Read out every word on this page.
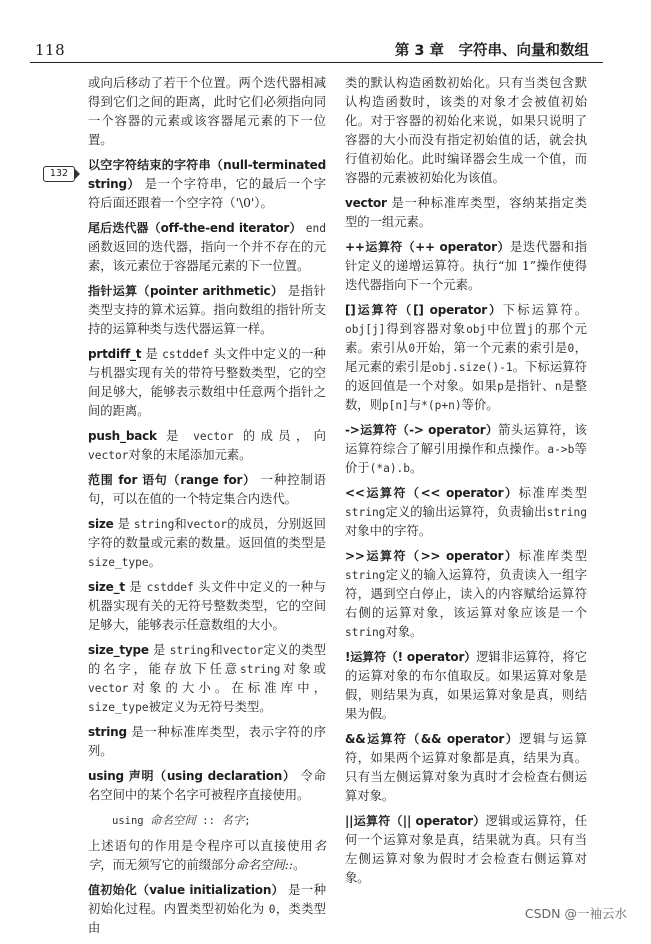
118	第 3 章　字符串、向量和数组
132

或向后移动了若干个位置。两个迭代器相减得到它们之间的距离，此时它们必须指向同一个容器的元素或该容器尾元素的下一位置。

以空字符结束的字符串（null-terminated string） 是一个字符串，它的最后一个字符后面还跟着一个空字符（'\0'）。

尾后迭代器（off-the-end iterator） end函数返回的迭代器，指向一个并不存在的元素，该元素位于容器尾元素的下一位置。

指针运算（pointer arithmetic） 是指针类型支持的算术运算。指向数组的指针所支持的运算种类与迭代器运算一样。

prtdiff_t 是 cstddef 头文件中定义的一种与机器实现有关的带符号整数类型，它的空间足够大，能够表示数组中任意两个指针之间的距离。

push_back 是 vector 的成员，向 vector对象的末尾添加元素。

范围 for 语句（range for） 一种控制语句，可以在值的一个特定集合内迭代。

size 是 string和vector的成员，分别返回字符的数量或元素的数量。返回值的类型是size_type。

size_t 是 cstddef 头文件中定义的一种与机器实现有关的无符号整数类型，它的空间足够大，能够表示任意数组的大小。

size_type 是 string和vector定义的类型的名字，能存放下任意string对象或vector对象的大小。在标准库中，size_type被定义为无符号类型。

string 是一种标准库类型，表示字符的序列。

using 声明（using declaration） 令命名空间中的某个名字可被程序直接使用。

using 命名空间 :: 名字;

上述语句的作用是令程序可以直接使用名字，而无须写它的前缀部分命名空间::。

值初始化（value initialization） 是一种初始化过程。内置类型初始化为 0，类类型由

类的默认构造函数初始化。只有当类包含默认构造函数时，该类的对象才会被值初始化。对于容器的初始化来说，如果只说明了容器的大小而没有指定初始值的话，就会执行值初始化。此时编译器会生成一个值，而容器的元素被初始化为该值。

vector 是一种标准库类型，容纳某指定类型的一组元素。

++运算符（++ operator）是迭代器和指针定义的递增运算符。执行“加 1”操作使得迭代器指向下一个元素。

[]运算符（[] operator）下标运算符。obj[j]得到容器对象obj中位置j的那个元素。索引从0开始，第一个元素的索引是0，尾元素的索引是obj.size()-1。下标运算符的返回值是一个对象。如果p是指针、n是整数，则p[n]与*(p+n)等价。

->运算符（-> operator）箭头运算符，该运算符综合了解引用操作和点操作。a->b等价于(*a).b。

<<运算符（<< operator）标准库类型string定义的输出运算符，负责输出string对象中的字符。

>>运算符（>> operator）标准库类型string定义的输入运算符，负责读入一组字符，遇到空白停止，读入的内容赋给运算符右侧的运算对象，该运算对象应该是一个string对象。

!运算符（! operator）逻辑非运算符，将它的运算对象的布尔值取反。如果运算对象是假，则结果为真，如果运算对象是真，则结果为假。

&&运算符（&& operator）逻辑与运算符，如果两个运算对象都是真，结果为真。只有当左侧运算对象为真时才会检查右侧运算对象。

||运算符（|| operator）逻辑或运算符，任何一个运算对象是真，结果就为真。只有当左侧运算对象为假时才会检查右侧运算对象。

CSDN @一袖云水
